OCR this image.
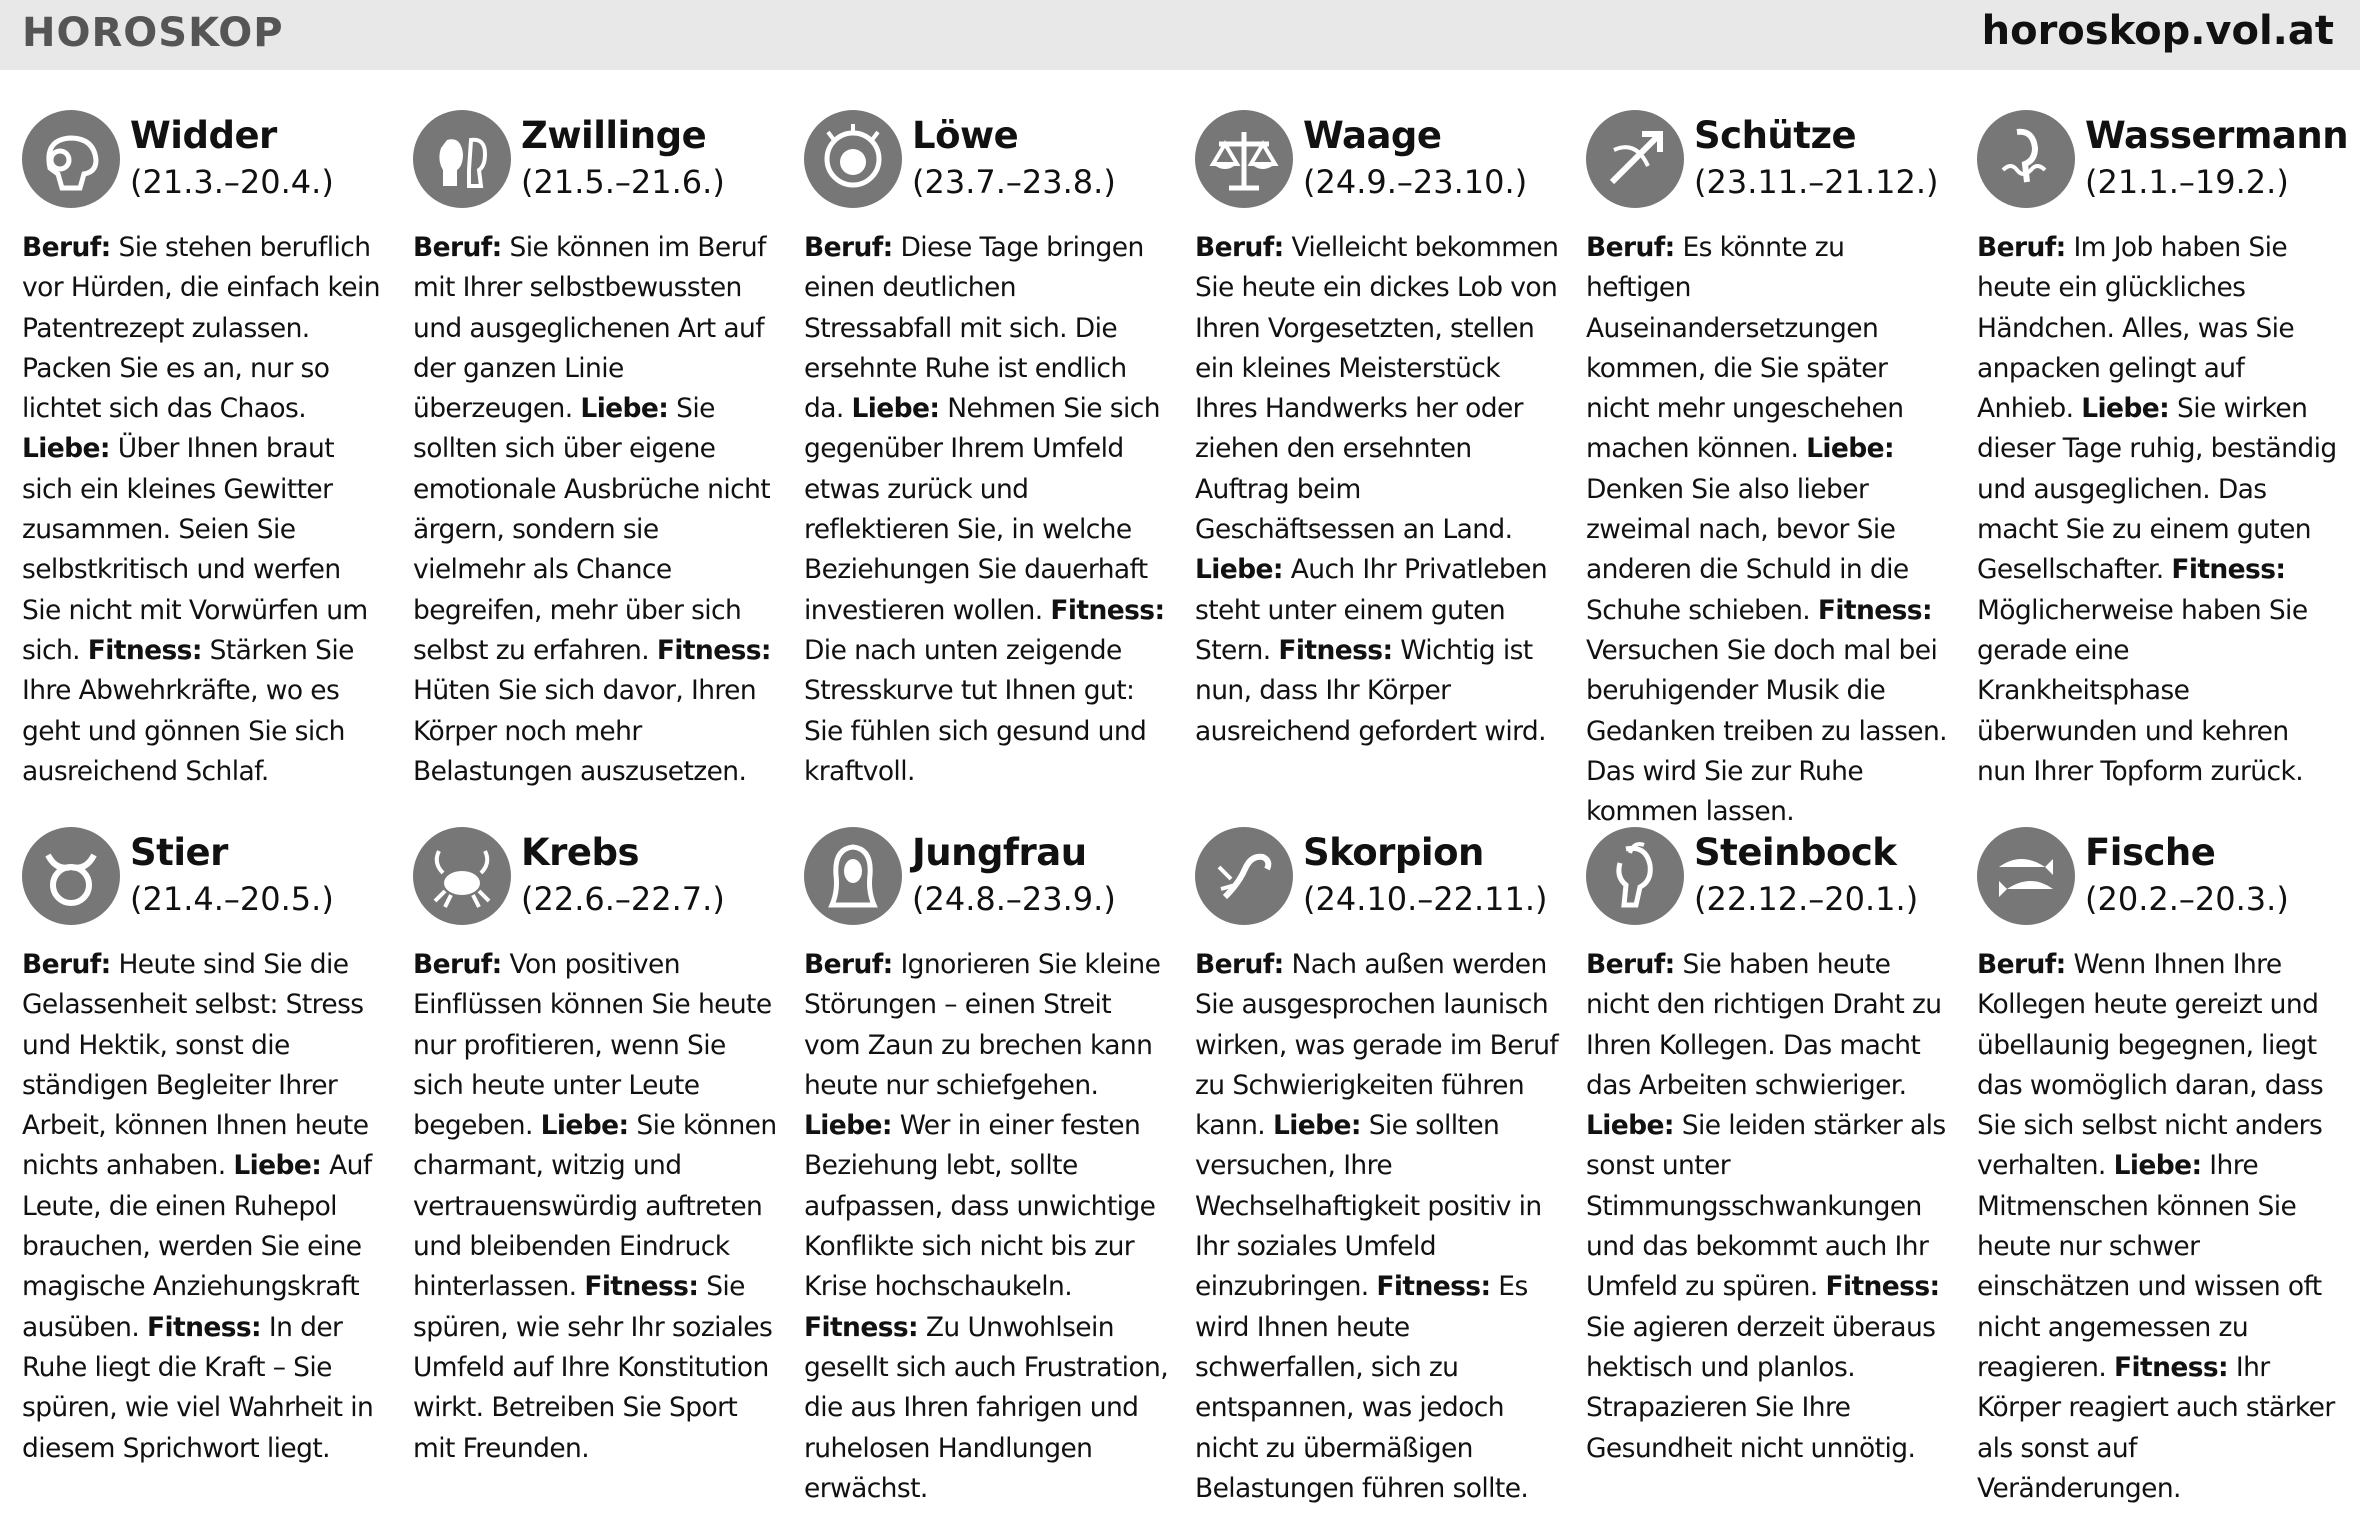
HOROSKOP	horoskop.vol.at
Widder
(21.3.–20.4.)
Beruf: Sie stehen beruflich vor Hürden, die einfach kein Patentrezept zulassen. Packen Sie es an, nur so lichtet sich das Chaos. Liebe: Über Ihnen braut sich ein kleines Gewitter zusammen. Seien Sie selbstkritisch und werfen Sie nicht mit Vorwürfen um sich. Fitness: Stärken Sie Ihre Abwehrkräfte, wo es geht und gönnen Sie sich ausreichend Schlaf.
Zwillinge
(21.5.–21.6.)
Beruf: Sie können im Beruf mit Ihrer selbstbewussten und ausgeglichenen Art auf der ganzen Linie überzeugen. Liebe: Sie sollten sich über eigene emotionale Ausbrüche nicht ärgern, sondern sie vielmehr als Chance begreifen, mehr über sich selbst zu erfahren. Fitness: Hüten Sie sich davor, Ihren Körper noch mehr Belastungen auszusetzen.
Löwe
(23.7.–23.8.)
Beruf: Diese Tage bringen einen deutlichen Stressabfall mit sich. Die ersehnte Ruhe ist endlich da. Liebe: Nehmen Sie sich gegenüber Ihrem Umfeld etwas zurück und reflektieren Sie, in welche Beziehungen Sie dauerhaft investieren wollen. Fitness: Die nach unten zeigende Stresskurve tut Ihnen gut: Sie fühlen sich gesund und kraftvoll.
Waage
(24.9.–23.10.)
Beruf: Vielleicht bekommen Sie heute ein dickes Lob von Ihren Vorgesetzten, stellen ein kleines Meisterstück Ihres Handwerks her oder ziehen den ersehnten Auftrag beim Geschäftsessen an Land. Liebe: Auch Ihr Privatleben steht unter einem guten Stern. Fitness: Wichtig ist nun, dass Ihr Körper ausreichend gefordert wird.
Schütze
(23.11.–21.12.)
Beruf: Es könnte zu heftigen Auseinandersetzungen kommen, die Sie später nicht mehr ungeschehen machen können. Liebe: Denken Sie also lieber zweimal nach, bevor Sie anderen die Schuld in die Schuhe schieben. Fitness: Versuchen Sie doch mal bei beruhigender Musik die Gedanken treiben zu lassen. Das wird Sie zur Ruhe kommen lassen.
Wassermann
(21.1.–19.2.)
Beruf: Im Job haben Sie heute ein glückliches Händchen. Alles, was Sie anpacken gelingt auf Anhieb. Liebe: Sie wirken dieser Tage ruhig, beständig und ausgeglichen. Das macht Sie zu einem guten Gesellschafter. Fitness: Möglicherweise haben Sie gerade eine Krankheitsphase überwunden und kehren nun Ihrer Topform zurück.
Stier
(21.4.–20.5.)
Beruf: Heute sind Sie die Gelassenheit selbst: Stress und Hektik, sonst die ständigen Begleiter Ihrer Arbeit, können Ihnen heute nichts anhaben. Liebe: Auf Leute, die einen Ruhepol brauchen, werden Sie eine magische Anziehungskraft ausüben. Fitness: In der Ruhe liegt die Kraft – Sie spüren, wie viel Wahrheit in diesem Sprichwort liegt.
Krebs
(22.6.–22.7.)
Beruf: Von positiven Einflüssen können Sie heute nur profitieren, wenn Sie sich heute unter Leute begeben. Liebe: Sie können charmant, witzig und vertrauenswürdig auftreten und bleibenden Eindruck hinterlassen. Fitness: Sie spüren, wie sehr Ihr soziales Umfeld auf Ihre Konstitution wirkt. Betreiben Sie Sport mit Freunden.
Jungfrau
(24.8.–23.9.)
Beruf: Ignorieren Sie kleine Störungen – einen Streit vom Zaun zu brechen kann heute nur schiefgehen. Liebe: Wer in einer festen Beziehung lebt, sollte aufpassen, dass unwichtige Konflikte sich nicht bis zur Krise hochschaukeln. Fitness: Zu Unwohlsein gesellt sich auch Frustration, die aus Ihren fahrigen und ruhelosen Handlungen erwächst.
Skorpion
(24.10.–22.11.)
Beruf: Nach außen werden Sie ausgesprochen launisch wirken, was gerade im Beruf zu Schwierigkeiten führen kann. Liebe: Sie sollten versuchen, Ihre Wechselhaftigkeit positiv in Ihr soziales Umfeld einzubringen. Fitness: Es wird Ihnen heute schwerfallen, sich zu entspannen, was jedoch nicht zu übermäßigen Belastungen führen sollte.
Steinbock
(22.12.–20.1.)
Beruf: Sie haben heute nicht den richtigen Draht zu Ihren Kollegen. Das macht das Arbeiten schwieriger. Liebe: Sie leiden stärker als sonst unter Stimmungsschwankungen und das bekommt auch Ihr Umfeld zu spüren. Fitness: Sie agieren derzeit überaus hektisch und planlos. Strapazieren Sie Ihre Gesundheit nicht unnötig.
Fische
(20.2.–20.3.)
Beruf: Wenn Ihnen Ihre Kollegen heute gereizt und übellaunig begegnen, liegt das womöglich daran, dass Sie sich selbst nicht anders verhalten. Liebe: Ihre Mitmenschen können Sie heute nur schwer einschätzen und wissen oft nicht angemessen zu reagieren. Fitness: Ihr Körper reagiert auch stärker als sonst auf Veränderungen.
